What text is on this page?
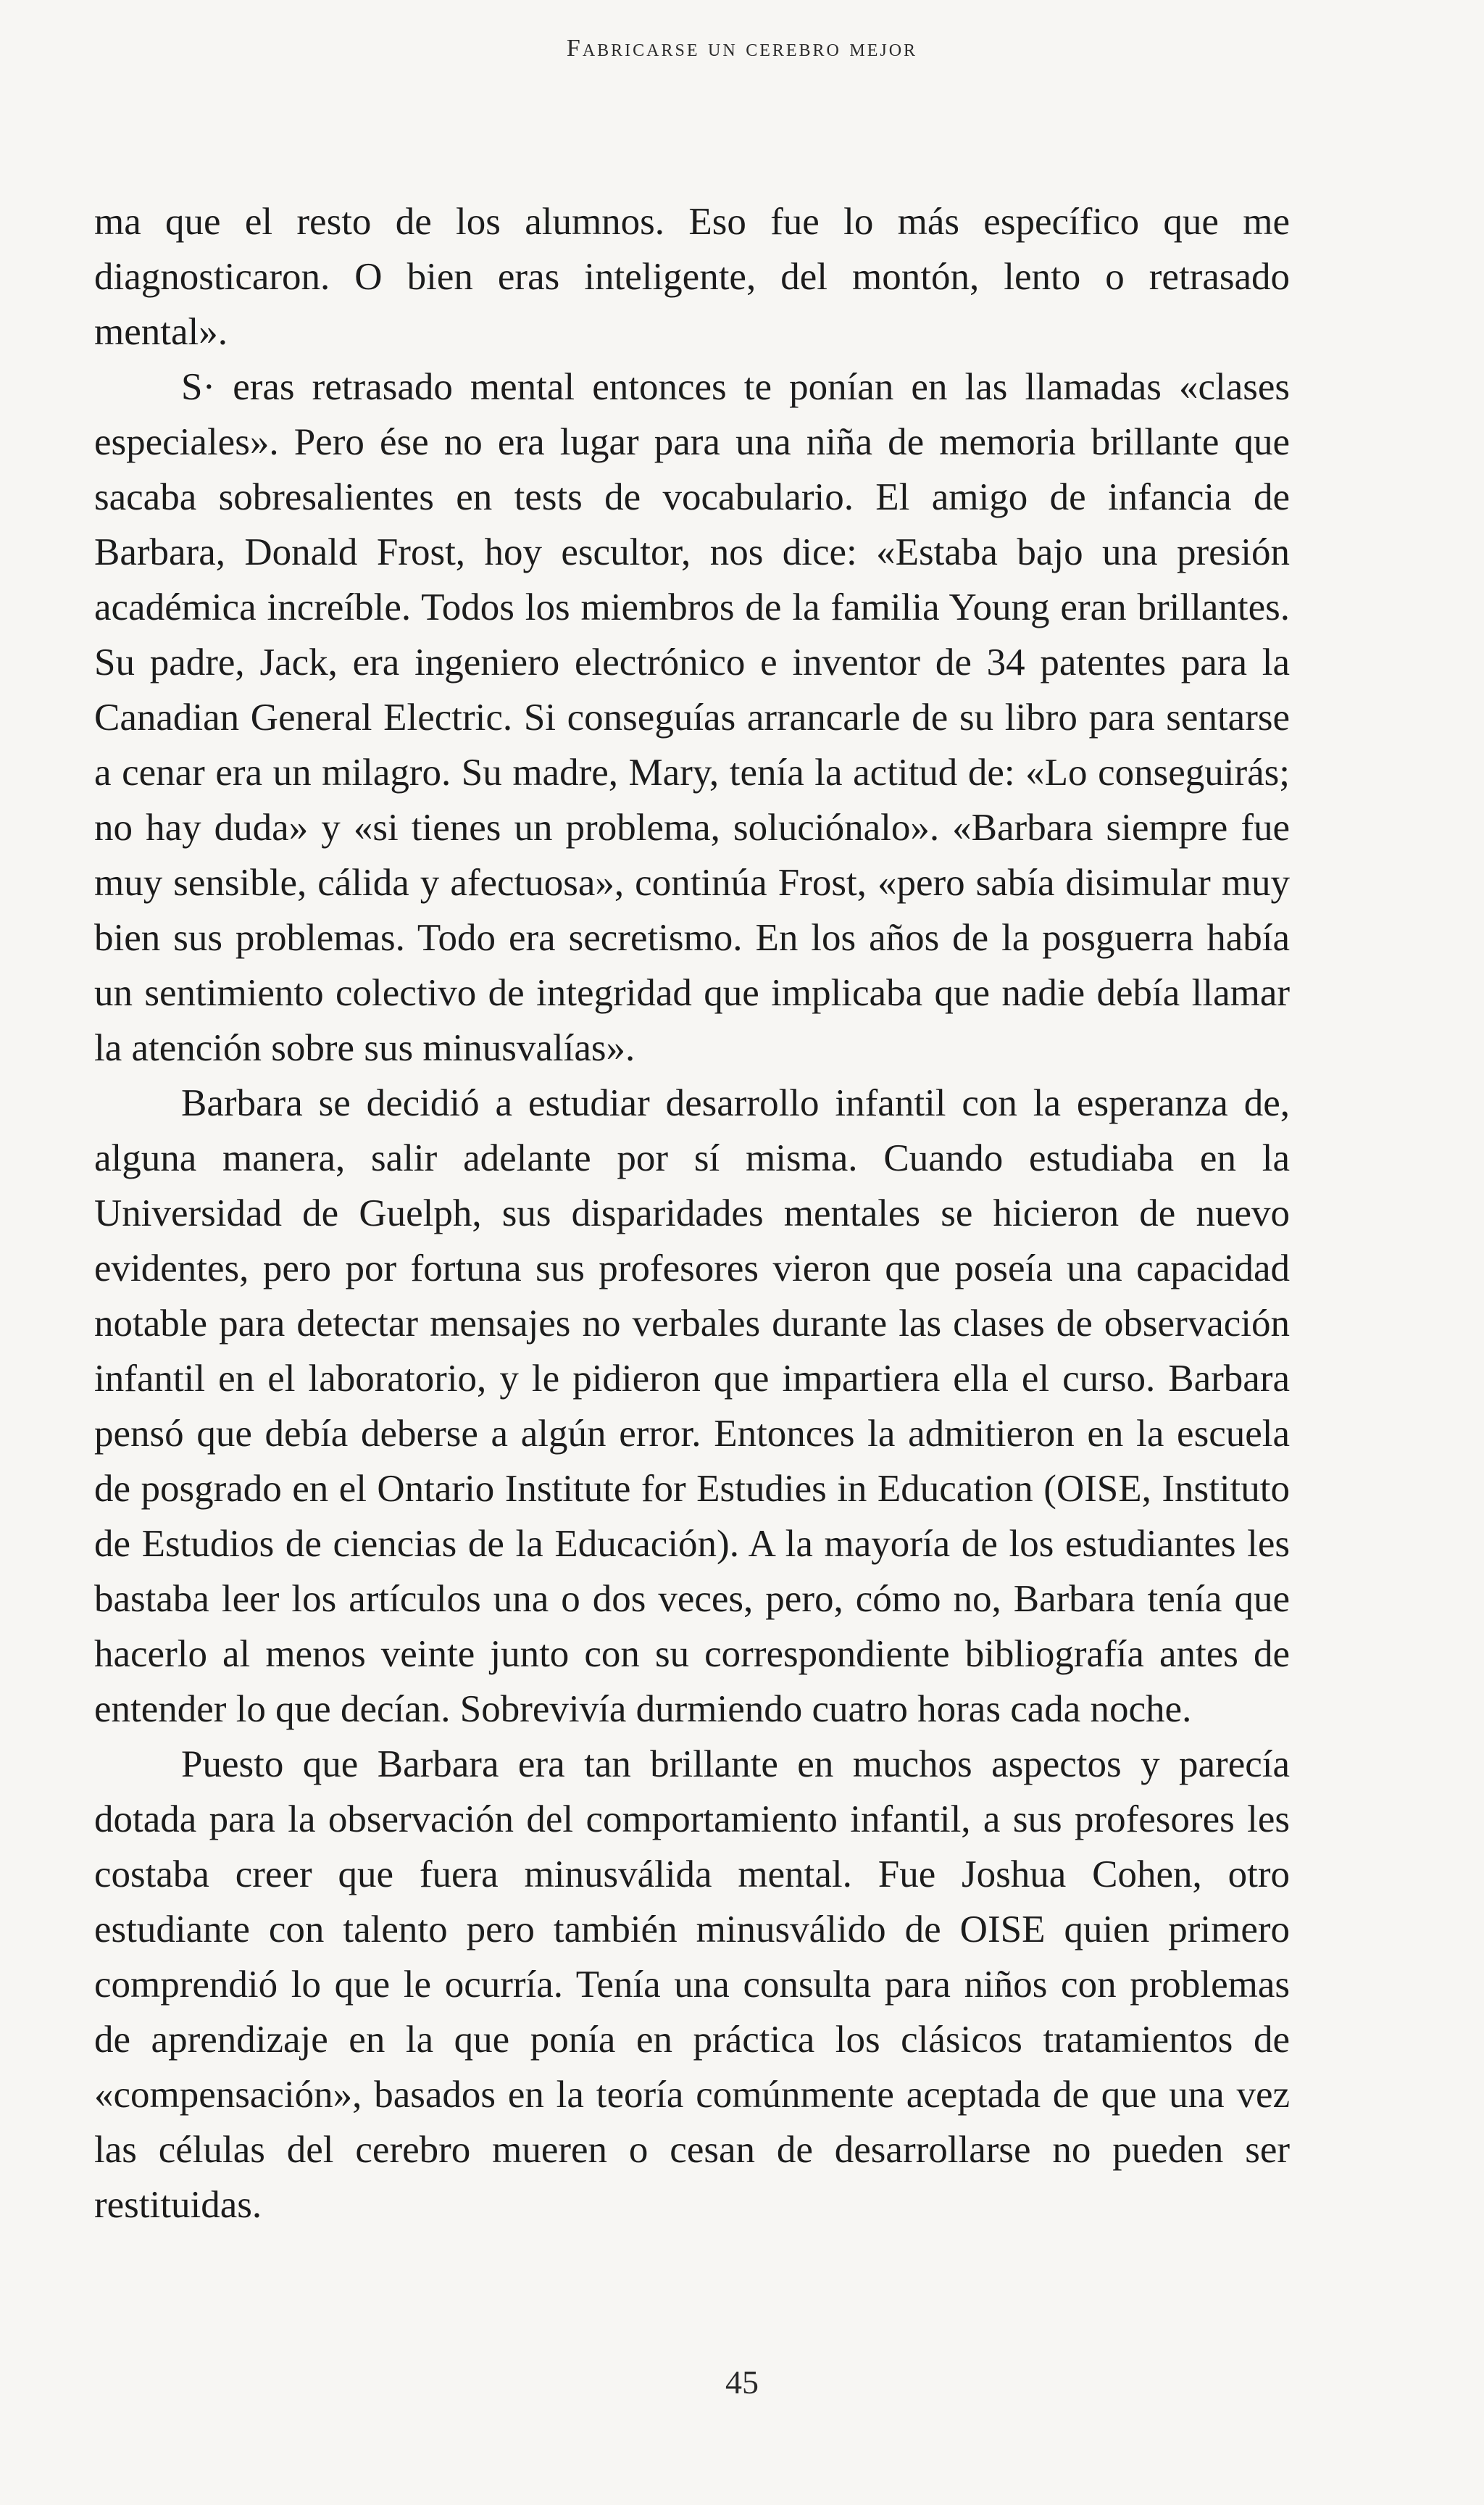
Fabricarse un cerebro mejor

ma que el resto de los alumnos. Eso fue lo más específico que me diagnosticaron. O bien eras inteligente, del montón, lento o retrasado mental».

S· eras retrasado mental entonces te ponían en las llamadas «clases especiales». Pero ése no era lugar para una niña de memoria brillante que sacaba sobresalientes en tests de vocabulario. El amigo de infancia de Barbara, Donald Frost, hoy escultor, nos dice: «Estaba bajo una presión académica increíble. Todos los miembros de la familia Young eran brillantes. Su padre, Jack, era ingeniero electrónico e inventor de 34 patentes para la Canadian General Electric. Si conseguías arrancarle de su libro para sentarse a cenar era un milagro. Su madre, Mary, tenía la actitud de: «Lo conseguirás; no hay duda» y «si tienes un problema, soluciónalo». «Barbara siempre fue muy sensible, cálida y afectuosa», continúa Frost, «pero sabía disimular muy bien sus problemas. Todo era secretismo. En los años de la posguerra había un sentimiento colectivo de integridad que implicaba que nadie debía llamar la atención sobre sus minusvalías».

Barbara se decidió a estudiar desarrollo infantil con la esperanza de, alguna manera, salir adelante por sí misma. Cuando estudiaba en la Universidad de Guelph, sus disparidades mentales se hicieron de nuevo evidentes, pero por fortuna sus profesores vieron que poseía una capacidad notable para detectar mensajes no verbales durante las clases de observación infantil en el laboratorio, y le pidieron que impartiera ella el curso. Barbara pensó que debía deberse a algún error. Entonces la admitieron en la escuela de posgrado en el Ontario Institute for Estudies in Education (OISE, Instituto de Estudios de ciencias de la Educación). A la mayoría de los estudiantes les bastaba leer los artículos una o dos veces, pero, cómo no, Barbara tenía que hacerlo al menos veinte junto con su correspondiente bibliografía antes de entender lo que decían. Sobrevivía durmiendo cuatro horas cada noche.

Puesto que Barbara era tan brillante en muchos aspectos y parecía dotada para la observación del comportamiento infantil, a sus profesores les costaba creer que fuera minusválida mental. Fue Joshua Cohen, otro estudiante con talento pero también minusválido de OISE quien primero comprendió lo que le ocurría. Tenía una consulta para niños con problemas de aprendizaje en la que ponía en práctica los clásicos tratamientos de «compensación», basados en la teoría comúnmente aceptada de que una vez las células del cerebro mueren o cesan de desarrollarse no pueden ser restituidas.

45
